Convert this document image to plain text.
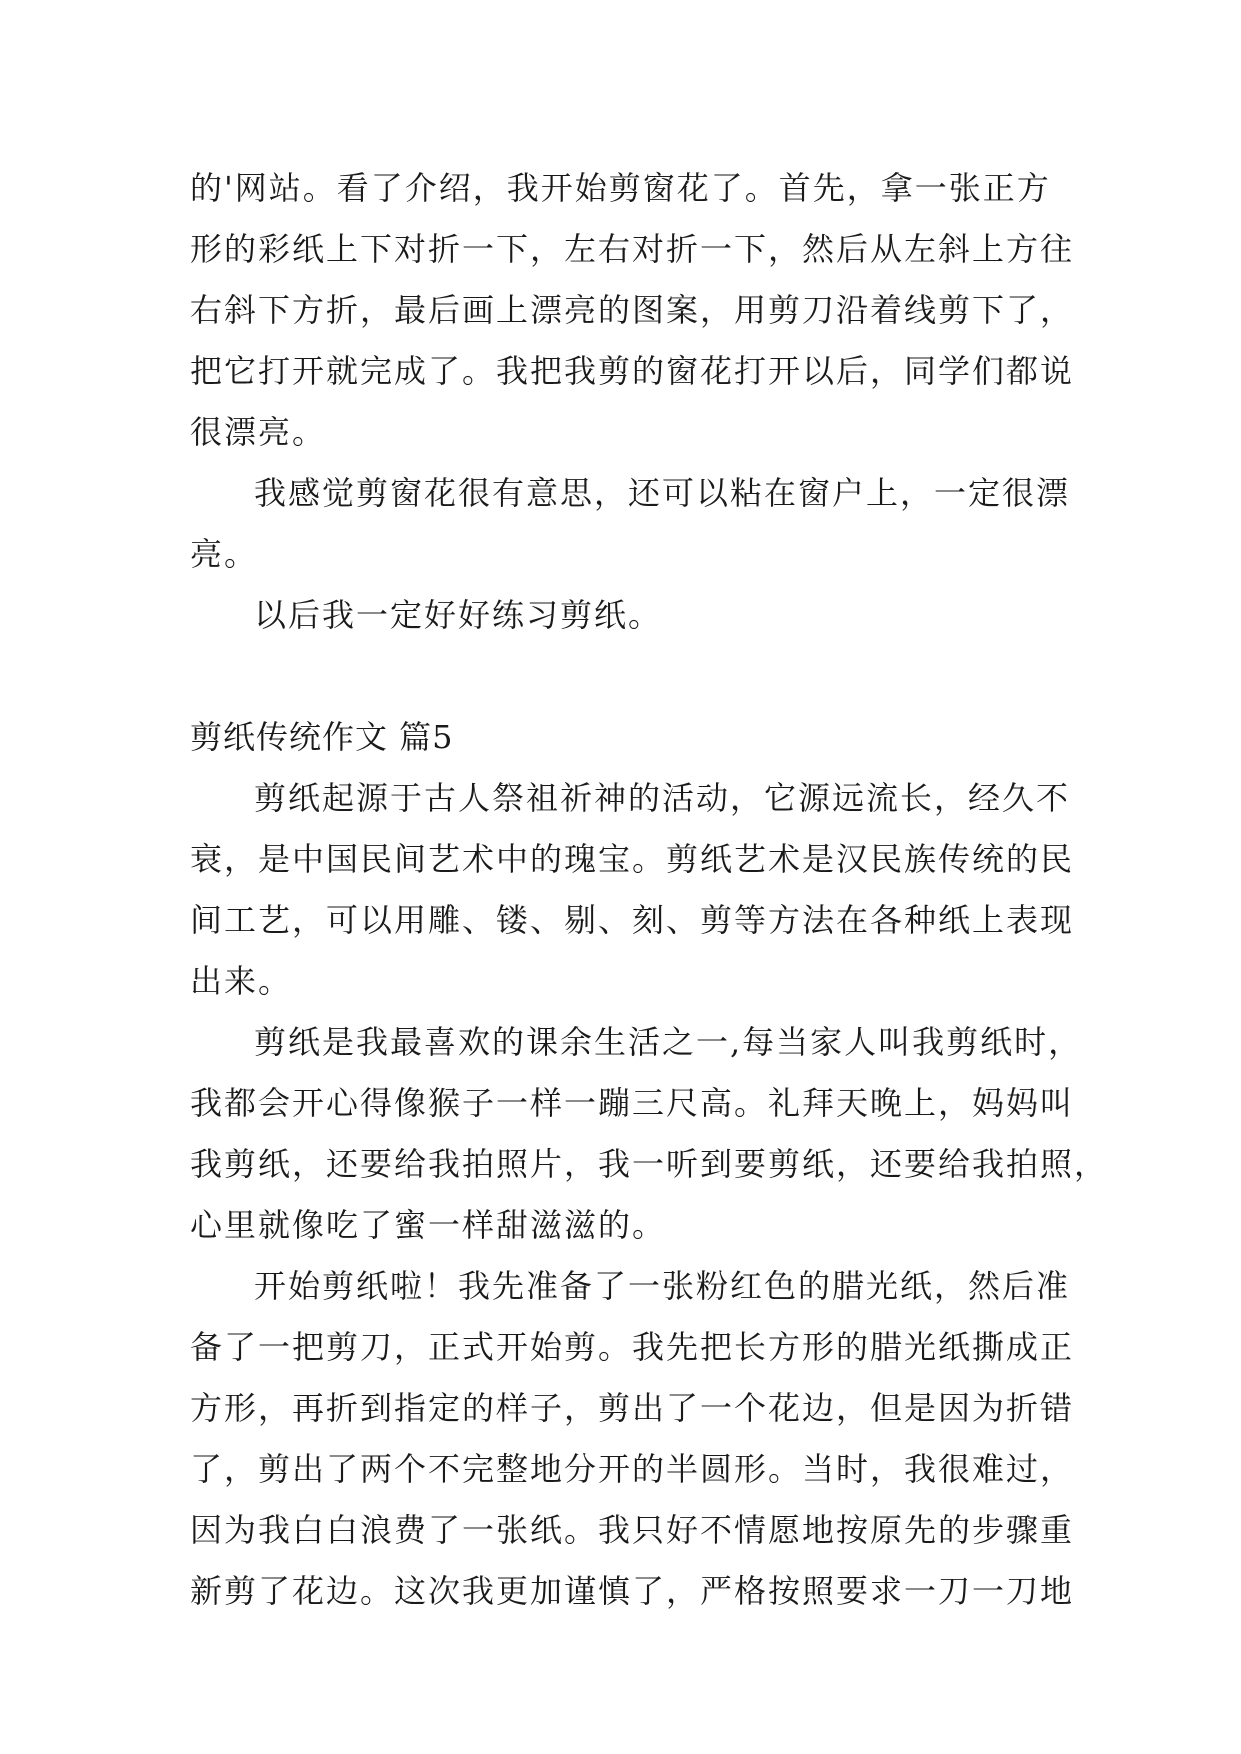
的'网站。看了介绍，我开始剪窗花了。首先，拿一张正方
形的彩纸上下对折一下，左右对折一下，然后从左斜上方往
右斜下方折，最后画上漂亮的图案，用剪刀沿着线剪下了，
把它打开就完成了。我把我剪的窗花打开以后，同学们都说
很漂亮。
我感觉剪窗花很有意思，还可以粘在窗户上，一定很漂
亮。
以后我一定好好练习剪纸。
剪纸传统作文 篇5
剪纸起源于古人祭祖祈神的活动，它源远流长，经久不
衰，是中国民间艺术中的瑰宝。剪纸艺术是汉民族传统的民
间工艺，可以用雕、镂、剔、刻、剪等方法在各种纸上表现
出来。
剪纸是我最喜欢的课余生活之一,每当家人叫我剪纸时，
我都会开心得像猴子一样一蹦三尺高。礼拜天晚上，妈妈叫
我剪纸，还要给我拍照片，我一听到要剪纸，还要给我拍照，
心里就像吃了蜜一样甜滋滋的。
开始剪纸啦！我先准备了一张粉红色的腊光纸，然后准
备了一把剪刀，正式开始剪。我先把长方形的腊光纸撕成正
方形，再折到指定的样子，剪出了一个花边，但是因为折错
了，剪出了两个不完整地分开的半圆形。当时，我很难过，
因为我白白浪费了一张纸。我只好不情愿地按原先的步骤重
新剪了花边。这次我更加谨慎了，严格按照要求一刀一刀地
